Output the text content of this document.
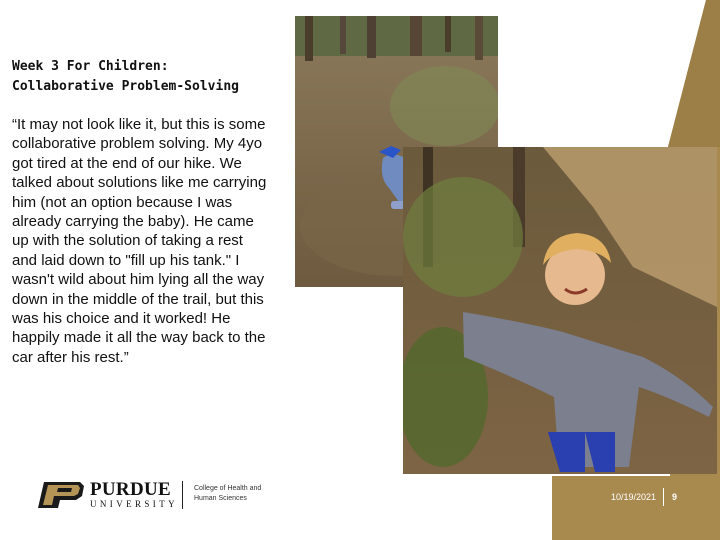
Week 3 For Children:
Collaborative Problem-Solving
“It may not look like it, but this is some collaborative problem solving. My 4yo got tired at the end of our hike. We talked about solutions like me carrying him (not an option because I was already carrying the baby). He came up with the solution of taking a rest and laid down to "fill up his tank." I wasn't wild about him lying all the way down in the middle of the trail, but this was his choice and it worked! He happily made it all the way back to the car after his rest.”
10/19/2021 9
PURDUE
UNIVERSITY
College of Health and Human Sciences
